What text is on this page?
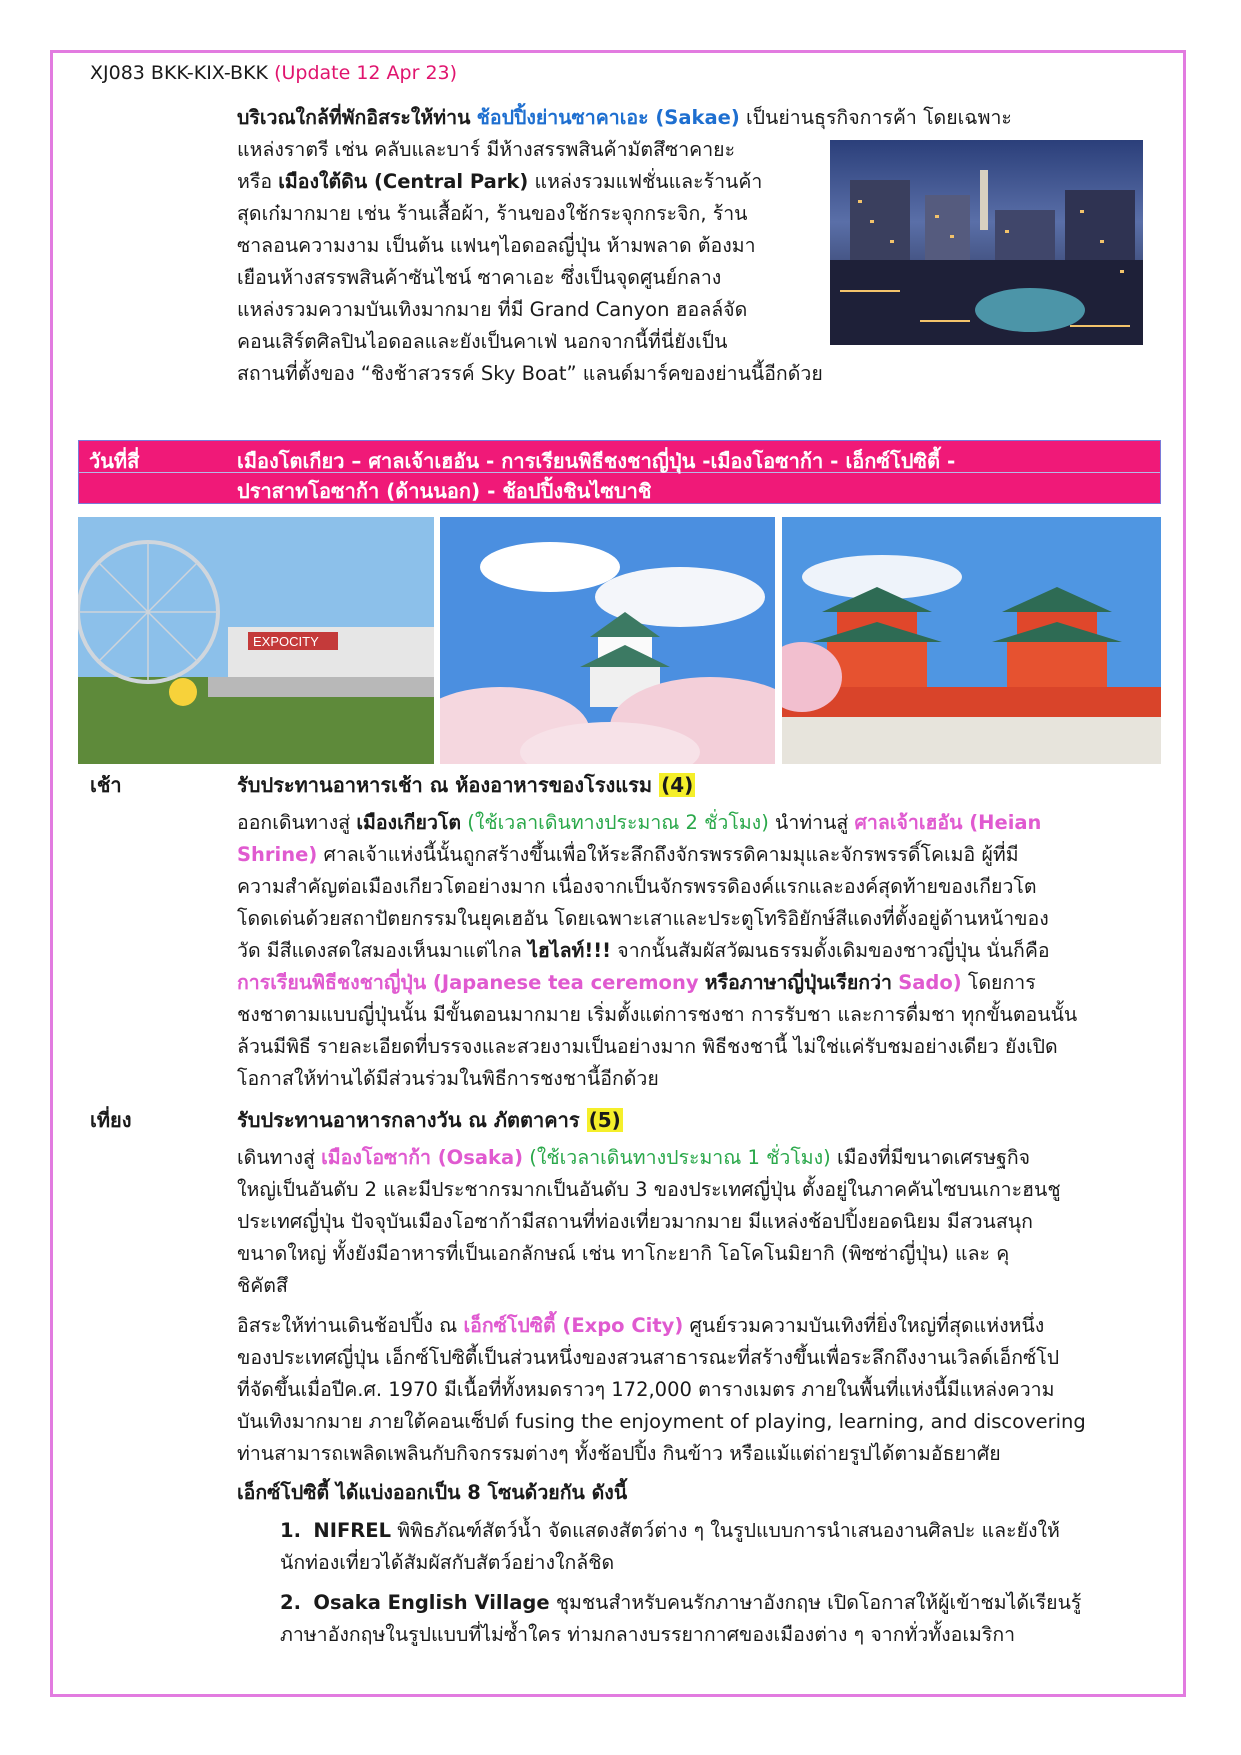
XJ083 BKK-KIX-BKK (Update 12 Apr 23)
บริเวณใกล้ที่พักอิสระให้ท่าน ช้อปปิ้งย่านซาคาเอะ (Sakae) เป็นย่านธุรกิจการค้า โดยเฉพาะ
แหล่งราตรี เช่น คลับและบาร์ มีห้างสรรพสินค้ามัตสึซาคายะ
หรือ เมืองใต้ดิน (Central Park) แหล่งรวมแฟชั่นและร้านค้า
สุดเก๋มากมาย เช่น ร้านเสื้อผ้า, ร้านของใช้กระจุกกระจิก, ร้าน
ซาลอนความงาม เป็นต้น แฟนๆไอดอลญี่ปุ่น ห้ามพลาด ต้องมา
เยือนห้างสรรพสินค้าซันไชน์ ซาคาเอะ ซึ่งเป็นจุดศูนย์กลาง
แหล่งรวมความบันเทิงมากมาย ที่มี Grand Canyon ฮอลล์จัด
คอนเสิร์ตศิลปินไอดอลและยังเป็นคาเฟ่ นอกจากนี้ที่นี่ยังเป็น
สถานที่ตั้งของ “ชิงช้าสวรรค์ Sky Boat” แลนด์มาร์คของย่านนี้อีกด้วย
วันที่สี่	เมืองโตเกียว – ศาลเจ้าเฮอัน - การเรียนพิธีชงชาญี่ปุ่น -เมืองโอซาก้า - เอ็กซ์โปซิตี้ -
ปราสาทโอซาก้า (ด้านนอก) - ช้อปปิ้งชินไซบาชิ
EXPOCITY
เช้า	รับประทานอาหารเช้า ณ ห้องอาหารของโรงแรม (4)
ออกเดินทางสู่ เมืองเกียวโต (ใช้เวลาเดินทางประมาณ 2 ชั่วโมง) นำท่านสู่ ศาลเจ้าเฮอัน (Heian
Shrine) ศาลเจ้าแห่งนี้นั้นถูกสร้างขึ้นเพื่อให้ระลึกถึงจักรพรรดิคามมุและจักรพรรดิ์โคเมอิ ผู้ที่มี
ความสำคัญต่อเมืองเกียวโตอย่างมาก เนื่องจากเป็นจักรพรรดิองค์แรกและองค์สุดท้ายของเกียวโต
โดดเด่นด้วยสถาปัตยกรรมในยุคเฮอัน โดยเฉพาะเสาและประตูโทริอิยักษ์สีแดงที่ตั้งอยู่ด้านหน้าของ
วัด มีสีแดงสดใสมองเห็นมาแต่ไกล ไฮไลท์!!! จากนั้นสัมผัสวัฒนธรรมดั้งเดิมของชาวญี่ปุ่น นั่นก็คือ
การเรียนพิธีชงชาญี่ปุ่น (Japanese tea ceremony หรือภาษาญี่ปุ่นเรียกว่า Sado) โดยการ
ชงชาตามแบบญี่ปุ่นนั้น มีขั้นตอนมากมาย เริ่มตั้งแต่การชงชา การรับชา และการดื่มชา ทุกขั้นตอนนั้น
ล้วนมีพิธี รายละเอียดที่บรรจงและสวยงามเป็นอย่างมาก พิธีชงชานี้ ไม่ใช่แค่รับชมอย่างเดียว ยังเปิด
โอกาสให้ท่านได้มีส่วนร่วมในพิธีการชงชานี้อีกด้วย
เที่ยง	รับประทานอาหารกลางวัน ณ ภัตตาคาร (5)
เดินทางสู่ เมืองโอซาก้า (Osaka) (ใช้เวลาเดินทางประมาณ 1 ชั่วโมง) เมืองที่มีขนาดเศรษฐกิจ
ใหญ่เป็นอันดับ 2 และมีประชากรมากเป็นอันดับ 3 ของประเทศญี่ปุ่น ตั้งอยู่ในภาคคันไซบนเกาะฮนชู
ประเทศญี่ปุ่น ปัจจุบันเมืองโอซาก้ามีสถานที่ท่องเที่ยวมากมาย มีแหล่งช้อปปิ้งยอดนิยม มีสวนสนุก
ขนาดใหญ่ ทั้งยังมีอาหารที่เป็นเอกลักษณ์ เช่น ทาโกะยากิ โอโคโนมิยากิ (พิซซ่าญี่ปุ่น) และ คุ
ชิคัตสึ
อิสระให้ท่านเดินช้อปปิ้ง ณ เอ็กซ์โปซิตี้ (Expo City) ศูนย์รวมความบันเทิงที่ยิ่งใหญ่ที่สุดแห่งหนึ่ง
ของประเทศญี่ปุ่น เอ็กซ์โปซิตี้เป็นส่วนหนึ่งของสวนสาธารณะที่สร้างขึ้นเพื่อระลึกถึงงานเวิลด์เอ็กซ์โป
ที่จัดขึ้นเมื่อปีค.ศ. 1970 มีเนื้อที่ทั้งหมดราวๆ 172,000 ตารางเมตร ภายในพื้นที่แห่งนี้มีแหล่งความ
บันเทิงมากมาย ภายใต้คอนเซ็ปต์ fusing the enjoyment of playing, learning, and discovering
ท่านสามารถเพลิดเพลินกับกิจกรรมต่างๆ ทั้งช้อปปิ้ง กินข้าว หรือแม้แต่ถ่ายรูปได้ตามอัธยาศัย
เอ็กซ์โปซิตี้ ได้แบ่งออกเป็น 8 โซนด้วยกัน ดังนี้
1. NIFREL พิพิธภัณฑ์สัตว์น้ำ จัดแสดงสัตว์ต่าง ๆ ในรูปแบบการนำเสนองานศิลปะ และยังให้
นักท่องเที่ยวได้สัมผัสกับสัตว์อย่างใกล้ชิด
2. Osaka English Village ชุมชนสำหรับคนรักภาษาอังกฤษ เปิดโอกาสให้ผู้เข้าชมได้เรียนรู้
ภาษาอังกฤษในรูปแบบที่ไม่ซ้ำใคร ท่ามกลางบรรยากาศของเมืองต่าง ๆ จากทั่วทั้งอเมริกา
